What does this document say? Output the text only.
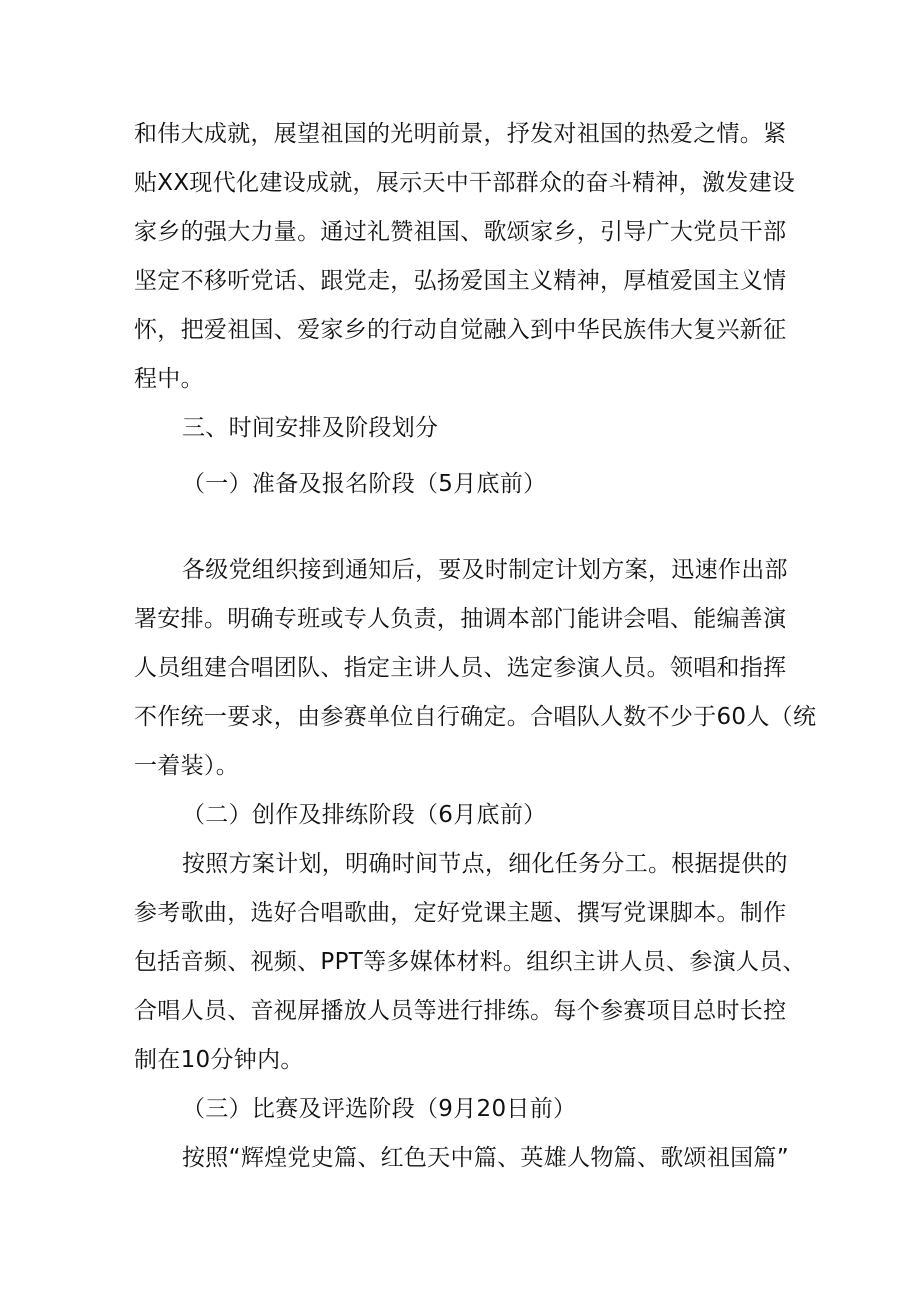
和伟大成就，展望祖国的光明前景，抒发对祖国的热爱之情。紧
贴XX现代化建设成就，展示天中干部群众的奋斗精神，激发建设
家乡的强大力量。通过礼赞祖国、歌颂家乡，引导广大党员干部
坚定不移听党话、跟党走，弘扬爱国主义精神，厚植爱国主义情
怀，把爱祖国、爱家乡的行动自觉融入到中华民族伟大复兴新征
程中。
三、时间安排及阶段划分
（一）准备及报名阶段（5月底前）
各级党组织接到通知后，要及时制定计划方案，迅速作出部
署安排。明确专班或专人负责，抽调本部门能讲会唱、能编善演
人员组建合唱团队、指定主讲人员、选定参演人员。领唱和指挥
不作统一要求，由参赛单位自行确定。合唱队人数不少于60人（统
一着装）。
（二）创作及排练阶段（6月底前）
按照方案计划，明确时间节点，细化任务分工。根据提供的
参考歌曲，选好合唱歌曲，定好党课主题、撰写党课脚本。制作
包括音频、视频、PPT等多媒体材料。组织主讲人员、参演人员、
合唱人员、音视屏播放人员等进行排练。每个参赛项目总时长控
制在10分钟内。
（三）比赛及评选阶段（9月20日前）
按照“辉煌党史篇、红色天中篇、英雄人物篇、歌颂祖国篇”
